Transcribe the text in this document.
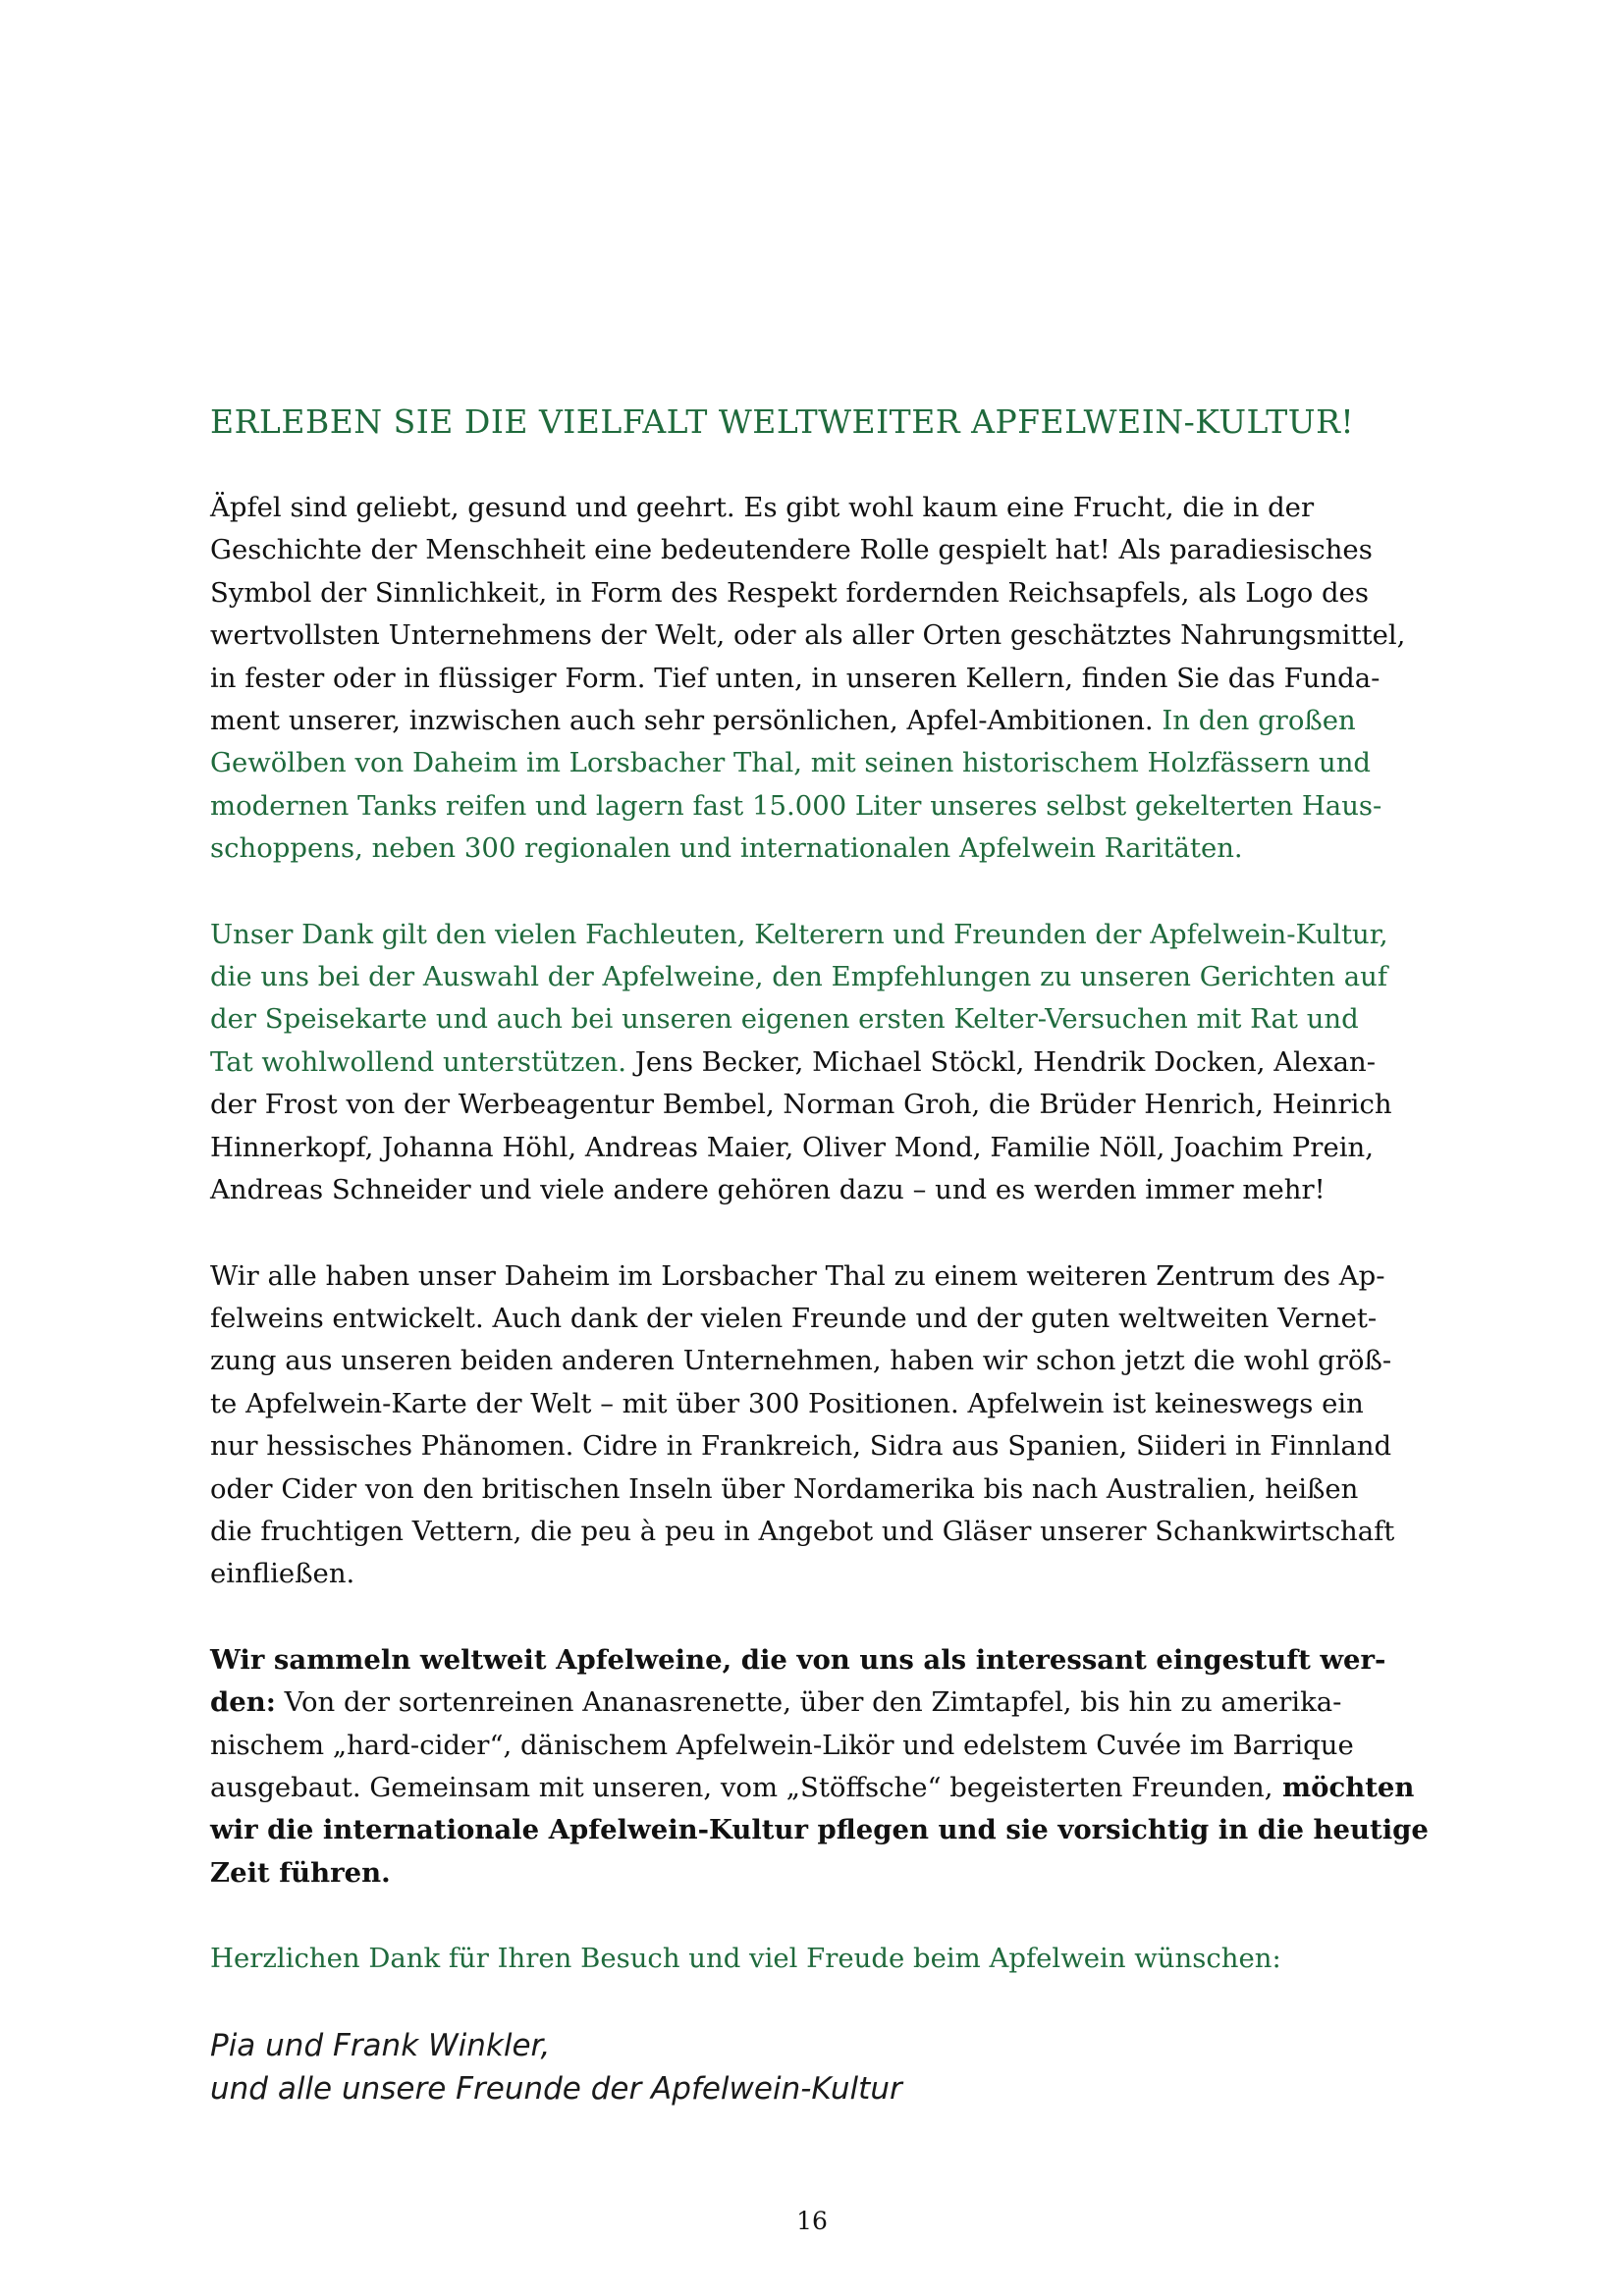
ERLEBEN SIE DIE VIELFALT WELTWEITER APFELWEIN-KULTUR!
Äpfel sind geliebt, gesund und geehrt. Es gibt wohl kaum eine Frucht, die in der
Geschichte der Menschheit eine bedeutendere Rolle gespielt hat! Als paradiesisches
Symbol der Sinnlichkeit, in Form des Respekt fordernden Reichsapfels, als Logo des
wertvollsten Unternehmens der Welt, oder als aller Orten geschätztes Nahrungsmittel,
in fester oder in flüssiger Form. Tief unten, in unseren Kellern, finden Sie das Funda-
ment unserer, inzwischen auch sehr persönlichen, Apfel-Ambitionen. In den großen
Gewölben von Daheim im Lorsbacher Thal, mit seinen historischem Holzfässern und
modernen Tanks reifen und lagern fast 15.000 Liter unseres selbst gekelterten Haus-
schoppens, neben 300 regionalen und internationalen Apfelwein Raritäten.
Unser Dank gilt den vielen Fachleuten, Kelterern und Freunden der Apfelwein-Kultur,
die uns bei der Auswahl der Apfelweine, den Empfehlungen zu unseren Gerichten auf
der Speisekarte und auch bei unseren eigenen ersten Kelter-Versuchen mit Rat und
Tat wohlwollend unterstützen. Jens Becker, Michael Stöckl, Hendrik Docken, Alexan-
der Frost von der Werbeagentur Bembel, Norman Groh, die Brüder Henrich, Heinrich
Hinnerkopf, Johanna Höhl, Andreas Maier, Oliver Mond, Familie Nöll, Joachim Prein,
Andreas Schneider und viele andere gehören dazu – und es werden immer mehr!
Wir alle haben unser Daheim im Lorsbacher Thal zu einem weiteren Zentrum des Ap-
felweins entwickelt. Auch dank der vielen Freunde und der guten weltweiten Vernet-
zung aus unseren beiden anderen Unternehmen, haben wir schon jetzt die wohl größ-
te Apfelwein-Karte der Welt – mit über 300 Positionen. Apfelwein ist keineswegs ein
nur hessisches Phänomen. Cidre in Frankreich, Sidra aus Spanien, Siideri in Finnland
oder Cider von den britischen Inseln über Nordamerika bis nach Australien, heißen
die fruchtigen Vettern, die peu à peu in Angebot und Gläser unserer Schankwirtschaft
einfließen.
Wir sammeln weltweit Apfelweine, die von uns als interessant eingestuft wer-
den: Von der sortenreinen Ananasrenette, über den Zimtapfel, bis hin zu amerika-
nischem „hard-cider“, dänischem Apfelwein-Likör und edelstem Cuvée im Barrique
ausgebaut. Gemeinsam mit unseren, vom „Stöffsche“ begeisterten Freunden, möchten
wir die internationale Apfelwein-Kultur pflegen und sie vorsichtig in die heutige
Zeit führen.
Herzlichen Dank für Ihren Besuch und viel Freude beim Apfelwein wünschen:
Pia und Frank Winkler,
und alle unsere Freunde der Apfelwein-Kultur
16
